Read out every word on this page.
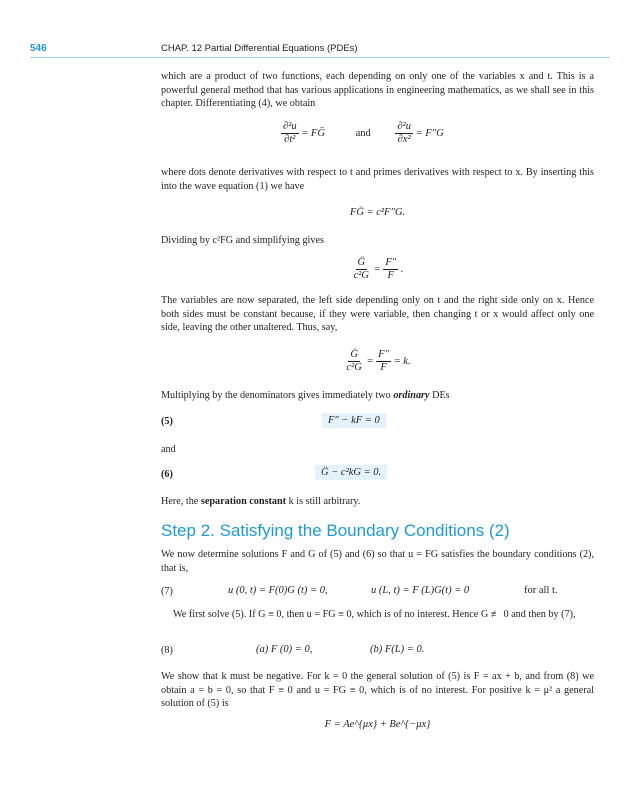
546	CHAP. 12 Partial Differential Equations (PDEs)
which are a product of two functions, each depending on only one of the variables x and t. This is a powerful general method that has various applications in engineering mathematics, as we shall see in this chapter. Differentiating (4), we obtain
$\frac{\text{∂²u}}{\text{∂t²}}$ = FG̈	and $\frac{\text{∂²u}}{\text{∂x²}} = F''G$
where dots denote derivatives with respect to t and primes derivatives with respect to x. By inserting this into the wave equation (1) we have
FG̈ = c²F″G.
Dividing by c²FG and simplifying gives
$\frac{G̈}{\text{c²G}} = \frac{F''}{F}$ .
The variables are now separated, the left side depending only on t and the right side only on x. Hence both sides must be constant because, if they were variable, then changing t or x would affect only one side, leaving the other unaltered. Thus, say,
$\frac{G̈}{\text{c²G}} = \frac{F''}{F} = k$.
Multiplying by the denominators gives immediately two ordinary DEs
(5)	F″ − kF = 0
and
(6)	G̈ − c²kG = 0.
Here, the separation constant k is still arbitrary.
Step 2. Satisfying the Boundary Conditions (2)
We now determine solutions F and G of (5) and (6) so that u = FG satisfies the boundary conditions (2), that is,
(7)	u (0, t) = F(0)G (t) = 0,	u (L, t) = F (L)G(t) = 0	for all t.
We first solve (5). If G ≡ 0, then u = FG ≡ 0, which is of no interest. Hence G ≢ 0 and then by (7),
(8)	(a) F (0) = 0,	(b) F(L) = 0.
We show that k must be negative. For k = 0 the general solution of (5) is F = ax + b, and from (8) we obtain a = b = 0, so that F ≡ 0 and u = FG ≡ 0, which is of no interest. For positive k = μ² a general solution of (5) is
F = Ae^{μx} + Be^{−μx}
